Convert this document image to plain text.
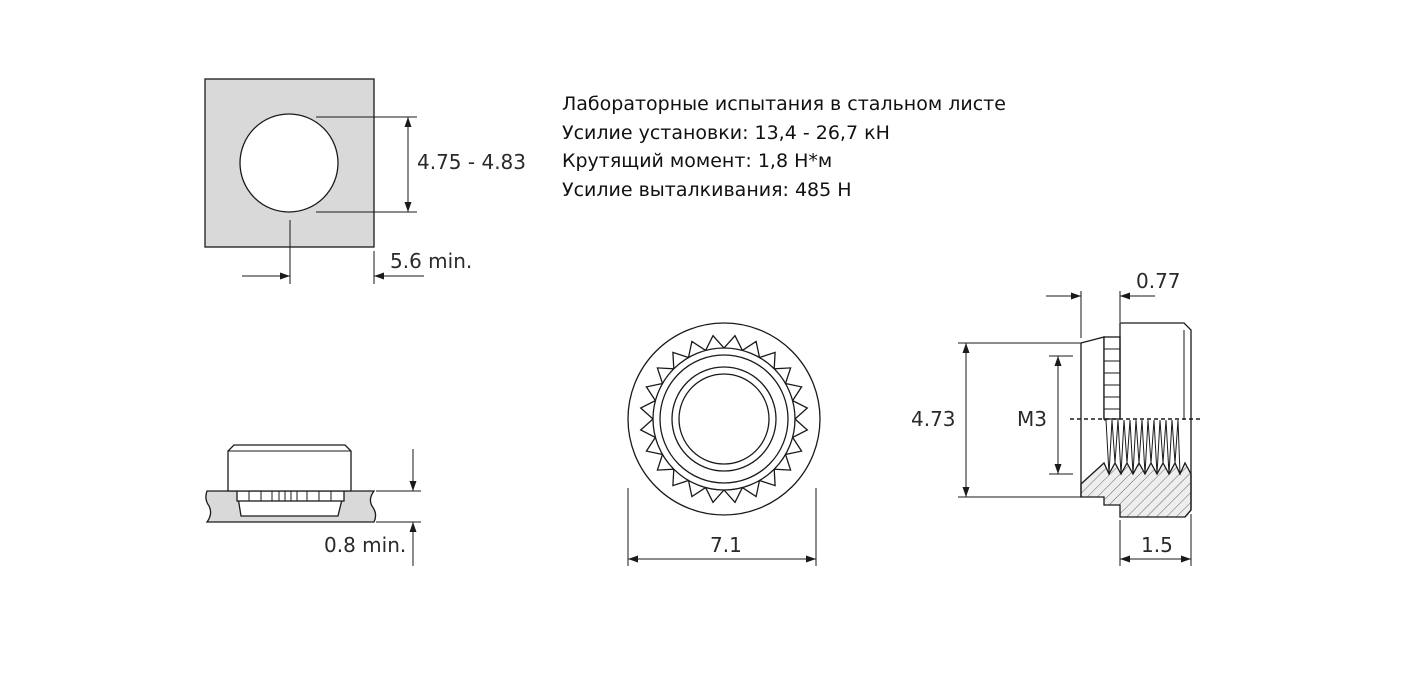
4.75 - 4.83
5.6 min.
0.8 min.	7.1
4.73	M3
0.77
1.5
Лабораторные испытания в стальном листе
Усилие установки: 13,4 - 26,7 кН
Крутящий момент: 1,8 Н*м
Усилие выталкивания: 485 Н
